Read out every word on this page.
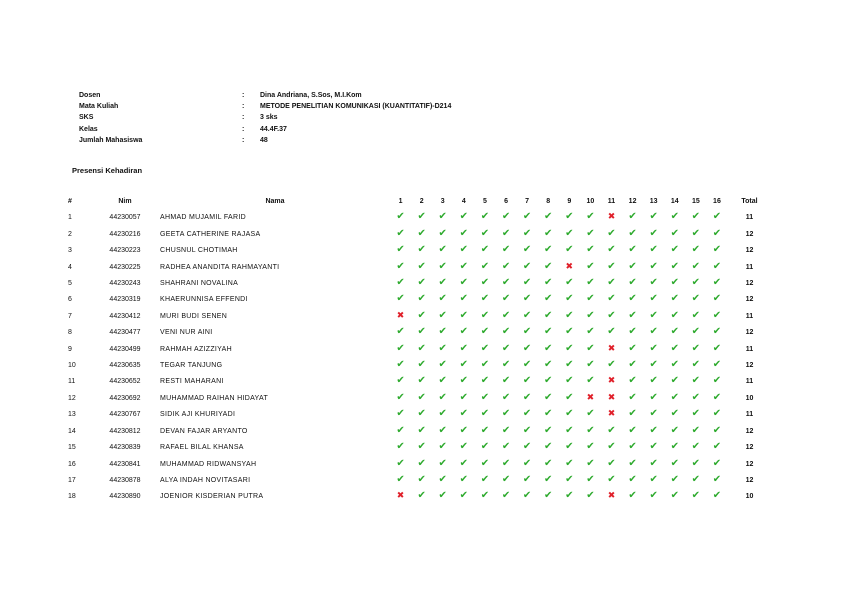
Dosen	: Dina Andriana, S.Sos, M.I.Kom
Mata Kuliah	: METODE PENELITIAN KOMUNIKASI (KUANTITATIF)-D214
SKS	: 3 sks
Kelas	: 44.4F.37
Jumlah Mahasiswa	: 48
Presensi Kehadiran
#	Nim	Nama	1	2	3	4	5	6	7	8	9	10	11	12	13	14	15	16	Total
1	44230057	AHMAD MUJAMIL FARID	✔	✔	✔	✔	✔	✔	✔	✔	✔	✔	✖	✔	✔	✔	✔	✔	11
2	44230216	GEETA CATHERINE RAJASA	✔	✔	✔	✔	✔	✔	✔	✔	✔	✔	✔	✔	✔	✔	✔	✔	12
3	44230223	CHUSNUL CHOTIMAH	✔	✔	✔	✔	✔	✔	✔	✔	✔	✔	✔	✔	✔	✔	✔	✔	12
4	44230225	RADHEA ANANDITA RAHMAYANTI	✔	✔	✔	✔	✔	✔	✔	✔	✖	✔	✔	✔	✔	✔	✔	✔	11
5	44230243	SHAHRANI NOVALINA	✔	✔	✔	✔	✔	✔	✔	✔	✔	✔	✔	✔	✔	✔	✔	✔	12
6	44230319	KHAERUNNISA EFFENDI	✔	✔	✔	✔	✔	✔	✔	✔	✔	✔	✔	✔	✔	✔	✔	✔	12
7	44230412	MURI BUDI SENEN	✖	✔	✔	✔	✔	✔	✔	✔	✔	✔	✔	✔	✔	✔	✔	✔	11
8	44230477	VENI NUR AINI	✔	✔	✔	✔	✔	✔	✔	✔	✔	✔	✔	✔	✔	✔	✔	✔	12
9	44230499	RAHMAH AZIZZIYAH	✔	✔	✔	✔	✔	✔	✔	✔	✔	✔	✖	✔	✔	✔	✔	✔	11
10	44230635	TEGAR TANJUNG	✔	✔	✔	✔	✔	✔	✔	✔	✔	✔	✔	✔	✔	✔	✔	✔	12
11	44230652	RESTI MAHARANI	✔	✔	✔	✔	✔	✔	✔	✔	✔	✔	✖	✔	✔	✔	✔	✔	11
12	44230692	MUHAMMAD RAIHAN HIDAYAT	✔	✔	✔	✔	✔	✔	✔	✔	✔	✖	✖	✔	✔	✔	✔	✔	10
13	44230767	SIDIK AJI KHURIYADI	✔	✔	✔	✔	✔	✔	✔	✔	✔	✔	✖	✔	✔	✔	✔	✔	11
14	44230812	DEVAN FAJAR ARYANTO	✔	✔	✔	✔	✔	✔	✔	✔	✔	✔	✔	✔	✔	✔	✔	✔	12
15	44230839	RAFAEL BILAL KHANSA	✔	✔	✔	✔	✔	✔	✔	✔	✔	✔	✔	✔	✔	✔	✔	✔	12
16	44230841	MUHAMMAD RIDWANSYAH	✔	✔	✔	✔	✔	✔	✔	✔	✔	✔	✔	✔	✔	✔	✔	✔	12
17	44230878	ALYA INDAH NOVITASARI	✔	✔	✔	✔	✔	✔	✔	✔	✔	✔	✔	✔	✔	✔	✔	✔	12
18	44230890	JOENIOR KISDERIAN PUTRA	✖	✔	✔	✔	✔	✔	✔	✔	✔	✔	✖	✔	✔	✔	✔	✔	10
